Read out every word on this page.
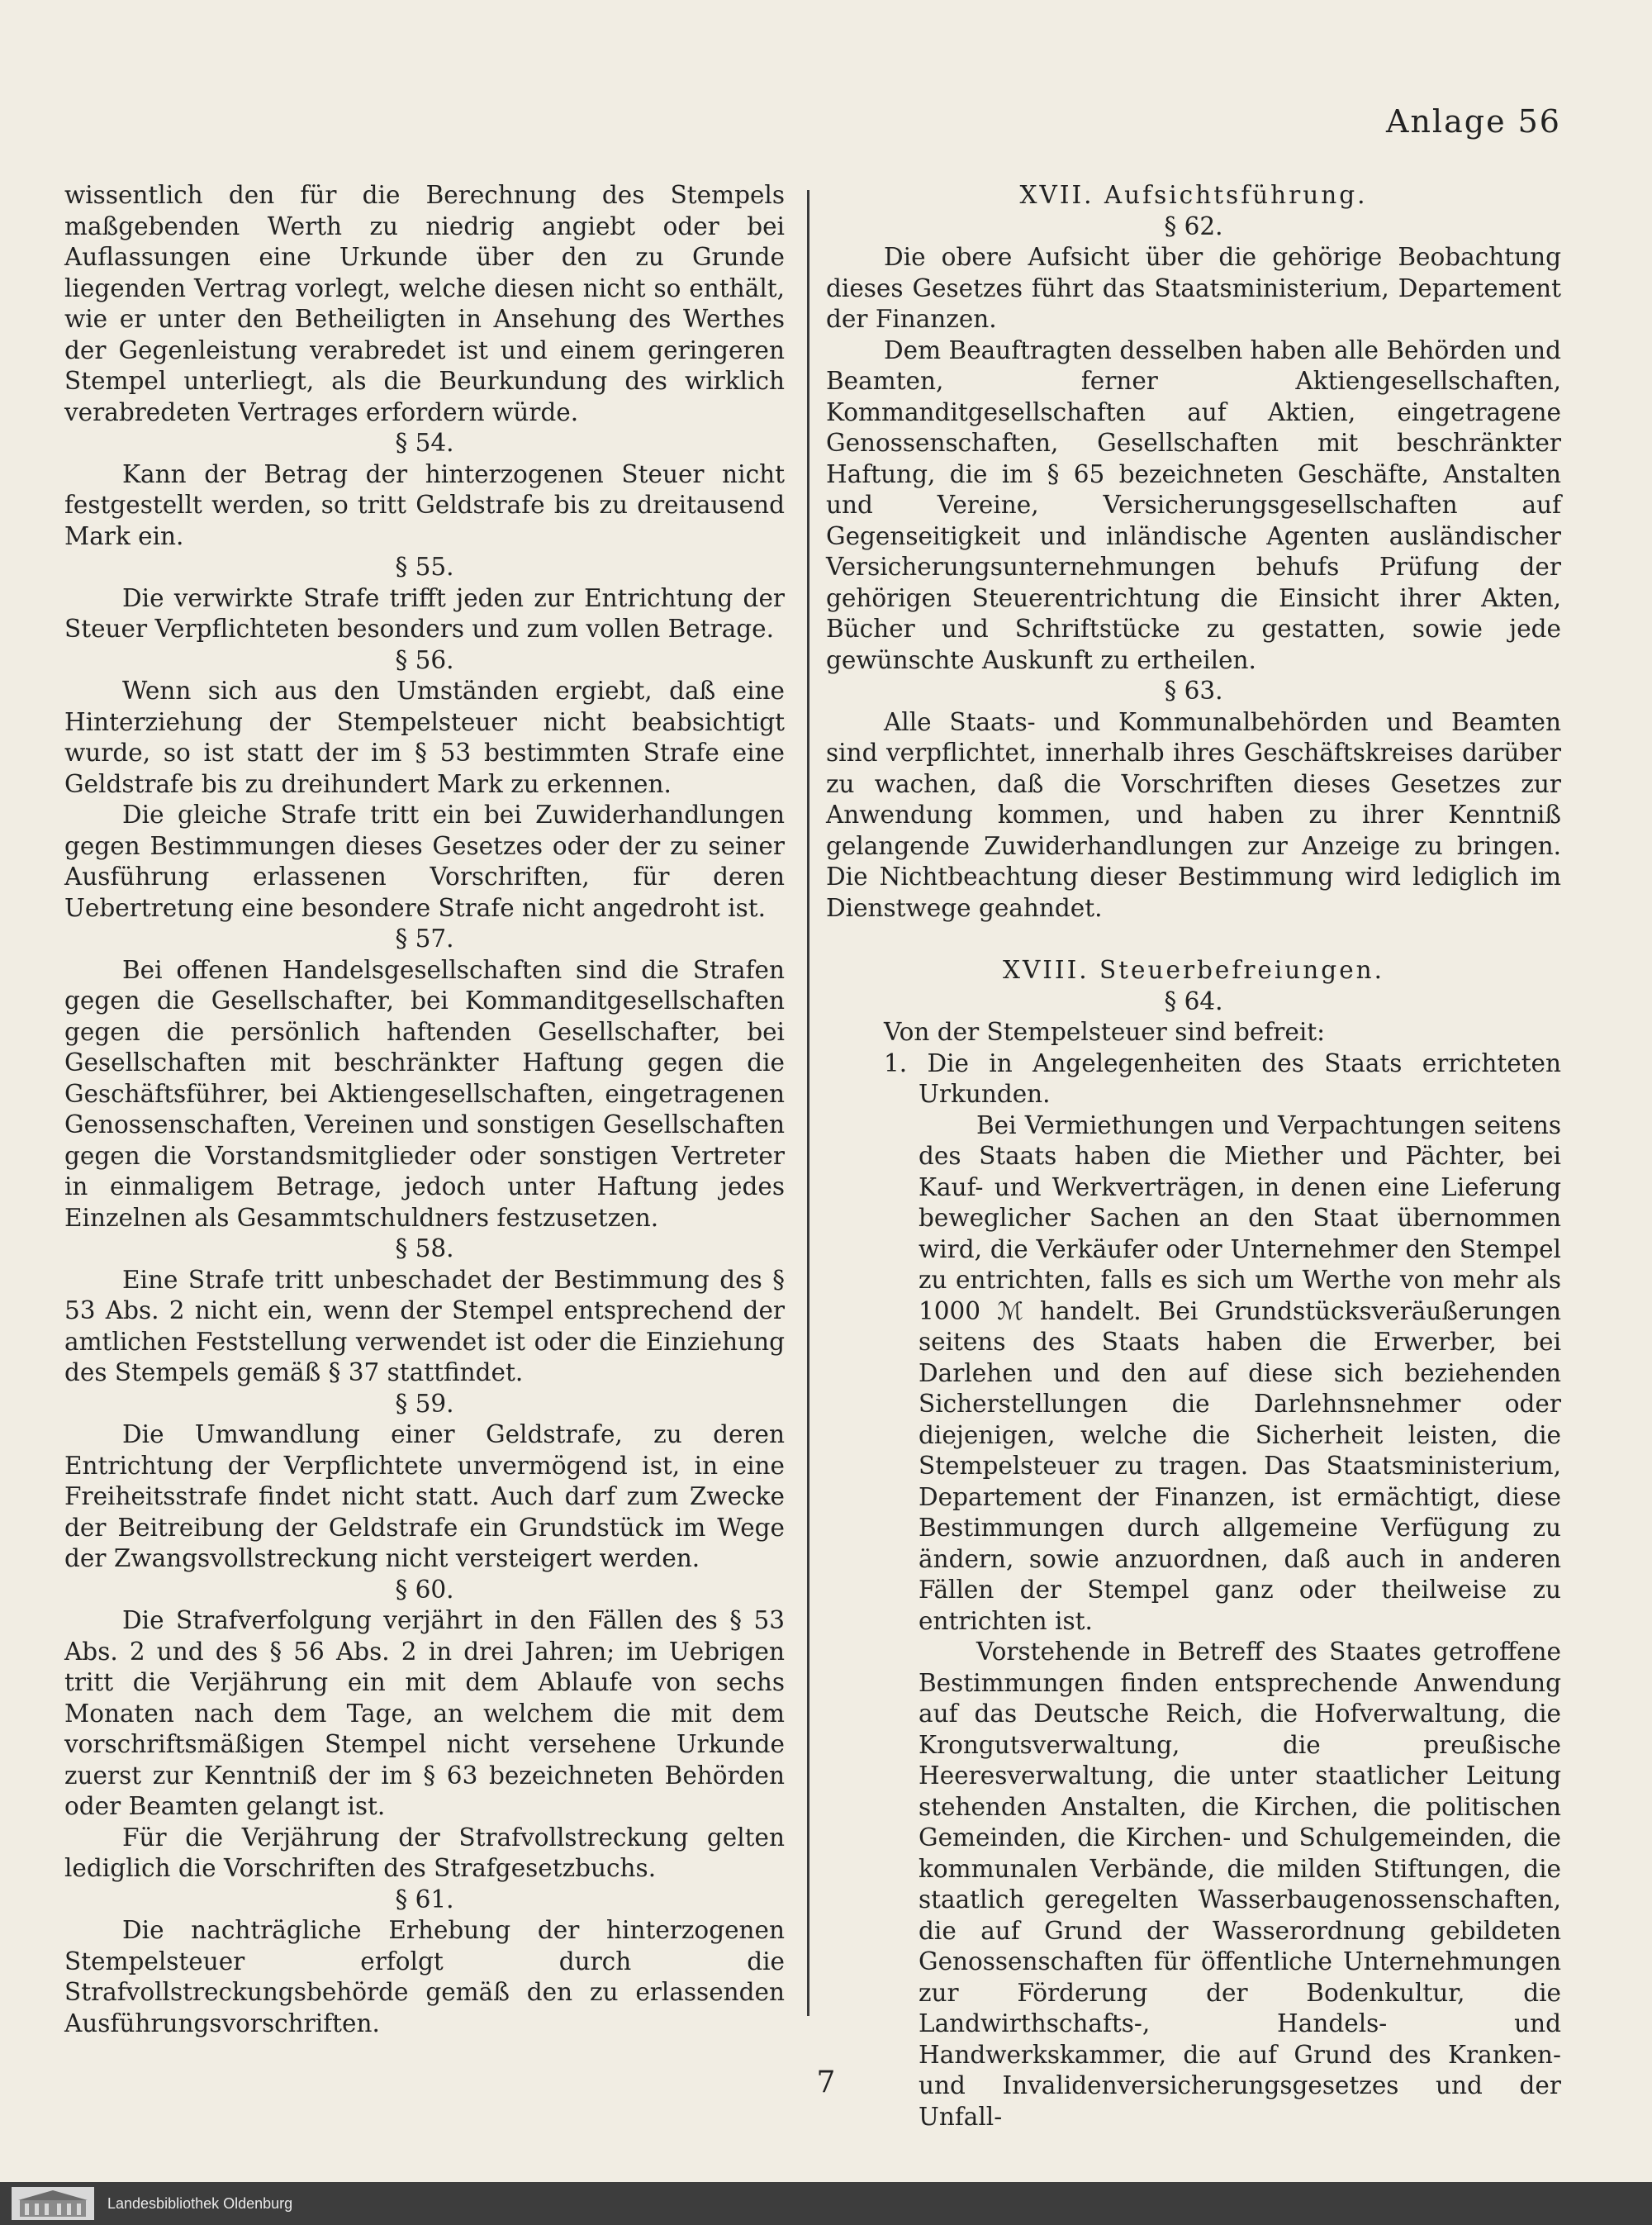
Anlage 56

wissentlich den für die Berechnung des Stempels maßgebenden Werth zu niedrig angiebt oder bei Auflassungen eine Urkunde über den zu Grunde liegenden Vertrag vorlegt, welche diesen nicht so enthält, wie er unter den Betheiligten in Ansehung des Werthes der Gegenleistung verabredet ist und einem geringeren Stempel unterliegt, als die Beurkundung des wirklich verabredeten Vertrages erfordern würde.

§ 54.

Kann der Betrag der hinterzogenen Steuer nicht festgestellt werden, so tritt Geldstrafe bis zu dreitausend Mark ein.

§ 55.

Die verwirkte Strafe trifft jeden zur Entrichtung der Steuer Verpflichteten besonders und zum vollen Betrage.

§ 56.

Wenn sich aus den Umständen ergiebt, daß eine Hinterziehung der Stempelsteuer nicht beabsichtigt wurde, so ist statt der im § 53 bestimmten Strafe eine Geldstrafe bis zu dreihundert Mark zu erkennen.

Die gleiche Strafe tritt ein bei Zuwiderhandlungen gegen Bestimmungen dieses Gesetzes oder der zu seiner Ausführung erlassenen Vorschriften, für deren Uebertretung eine besondere Strafe nicht angedroht ist.

§ 57.

Bei offenen Handelsgesellschaften sind die Strafen gegen die Gesellschafter, bei Kommanditgesellschaften gegen die persönlich haftenden Gesellschafter, bei Gesellschaften mit beschränkter Haftung gegen die Geschäftsführer, bei Aktiengesellschaften, eingetragenen Genossenschaften, Vereinen und sonstigen Gesellschaften gegen die Vorstandsmitglieder oder sonstigen Vertreter in einmaligem Betrage, jedoch unter Haftung jedes Einzelnen als Gesammtschuldners festzusetzen.

§ 58.

Eine Strafe tritt unbeschadet der Bestimmung des § 53 Abs. 2 nicht ein, wenn der Stempel entsprechend der amtlichen Feststellung verwendet ist oder die Einziehung des Stempels gemäß § 37 stattfindet.

§ 59.

Die Umwandlung einer Geldstrafe, zu deren Entrichtung der Verpflichtete unvermögend ist, in eine Freiheitsstrafe findet nicht statt. Auch darf zum Zwecke der Beitreibung der Geldstrafe ein Grundstück im Wege der Zwangsvollstreckung nicht versteigert werden.

§ 60.

Die Strafverfolgung verjährt in den Fällen des § 53 Abs. 2 und des § 56 Abs. 2 in drei Jahren; im Uebrigen tritt die Verjährung ein mit dem Ablaufe von sechs Monaten nach dem Tage, an welchem die mit dem vorschriftsmäßigen Stempel nicht versehene Urkunde zuerst zur Kenntniß der im § 63 bezeichneten Behörden oder Beamten gelangt ist.

Für die Verjährung der Strafvollstreckung gelten lediglich die Vorschriften des Strafgesetzbuchs.

§ 61.

Die nachträgliche Erhebung der hinterzogenen Stempelsteuer erfolgt durch die Strafvollstreckungsbehörde gemäß den zu erlassenden Ausführungsvorschriften.

XVII. Aufsichtsführung.
§ 62.

Die obere Aufsicht über die gehörige Beobachtung dieses Gesetzes führt das Staatsministerium, Departement der Finanzen.

Dem Beauftragten desselben haben alle Behörden und Beamten, ferner Aktiengesellschaften, Kommanditgesellschaften auf Aktien, eingetragene Genossenschaften, Gesellschaften mit beschränkter Haftung, die im § 65 bezeichneten Geschäfte, Anstalten und Vereine, Versicherungsgesellschaften auf Gegenseitigkeit und inländische Agenten ausländischer Versicherungsunternehmungen behufs Prüfung der gehörigen Steuerentrichtung die Einsicht ihrer Akten, Bücher und Schriftstücke zu gestatten, sowie jede gewünschte Auskunft zu ertheilen.

§ 63.

Alle Staats- und Kommunalbehörden und Beamten sind verpflichtet, innerhalb ihres Geschäftskreises darüber zu wachen, daß die Vorschriften dieses Gesetzes zur Anwendung kommen, und haben zu ihrer Kenntniß gelangende Zuwiderhandlungen zur Anzeige zu bringen. Die Nichtbeachtung dieser Bestimmung wird lediglich im Dienstwege geahndet.

XVIII. Steuerbefreiungen.
§ 64.

Von der Stempelsteuer sind befreit:

1. Die in Angelegenheiten des Staats errichteten Urkunden.

Bei Vermiethungen und Verpachtungen seitens des Staats haben die Miether und Pächter, bei Kauf- und Werkverträgen, in denen eine Lieferung beweglicher Sachen an den Staat übernommen wird, die Verkäufer oder Unternehmer den Stempel zu entrichten, falls es sich um Werthe von mehr als 1000 ℳ handelt. Bei Grundstücksveräußerungen seitens des Staats haben die Erwerber, bei Darlehen und den auf diese sich beziehenden Sicherstellungen die Darlehnsnehmer oder diejenigen, welche die Sicherheit leisten, die Stempelsteuer zu tragen. Das Staatsministerium, Departement der Finanzen, ist ermächtigt, diese Bestimmungen durch allgemeine Verfügung zu ändern, sowie anzuordnen, daß auch in anderen Fällen der Stempel ganz oder theilweise zu entrichten ist.

Vorstehende in Betreff des Staates getroffene Bestimmungen finden entsprechende Anwendung auf das Deutsche Reich, die Hofverwaltung, die Krongutsverwaltung, die preußische Heeresverwaltung, die unter staatlicher Leitung stehenden Anstalten, die Kirchen, die politischen Gemeinden, die Kirchen- und Schulgemeinden, die kommunalen Verbände, die milden Stiftungen, die staatlich geregelten Wasserbaugenossenschaften, die auf Grund der Wasserordnung gebildeten Genossenschaften für öffentliche Unternehmungen zur Förderung der Bodenkultur, die Landwirthschafts-, Handels- und Handwerkskammer, die auf Grund des Kranken- und Invalidenversicherungsgesetzes und der Unfall-

7
Landesbibliothek Oldenburg
